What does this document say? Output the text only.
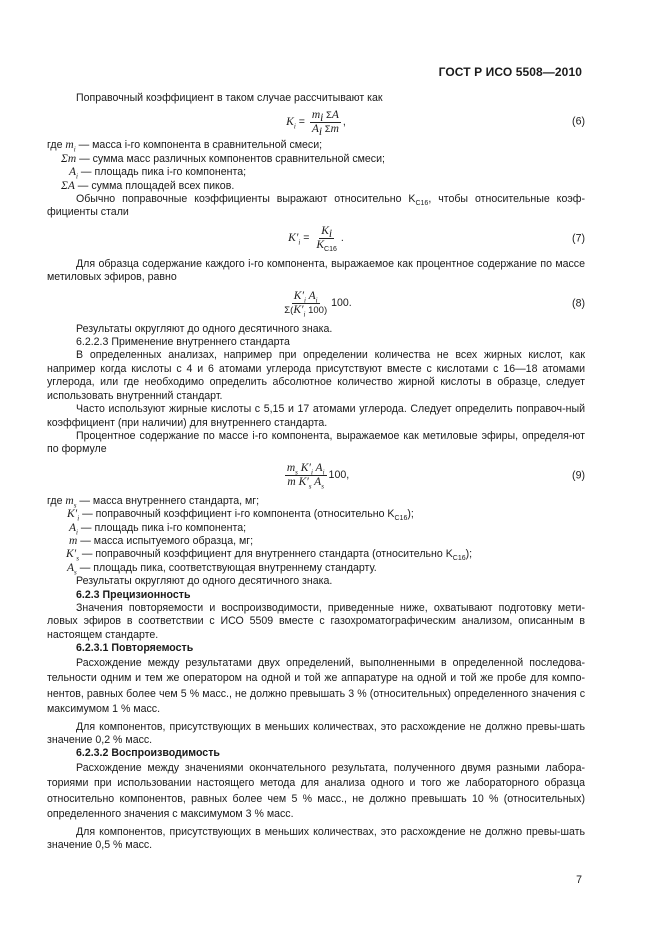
ГОСТ Р ИСО 5508—2010

Поправочный коэффициент в таком случае рассчитывают как

$K_i = \frac{m_i \Sigma A}{A_i \Sigma m}$ ,	(6)
где $m_i$ — масса i-го компонента в сравнительной смеси;
Σm — сумма масс различных компонентов сравнительной смеси;
$A_i$ — площадь пика i-го компонента;
ΣA — сумма площадей всех пиков.

Обычно поправочные коэффициенты выражают относительно $K_{C16}$, чтобы относительные коэф-фициенты стали

$K'_i = \frac{K_i}{K_{C16}}$ .	(7)

Для образца содержание каждого i-го компонента, выражаемое как процентное содержание по массе метиловых эфиров, равно

$\frac{K'_i A_i}{\Sigma(K'_i 100)} 100$.	(8)

Результаты округляют до одного десятичного знака.

6.2.2.3 Применение внутреннего стандарта

В определенных анализах, например при определении количества не всех жирных кислот, как например когда кислоты с 4 и 6 атомами углерода присутствуют вместе с кислотами с 16—18 атомами углерода, или где необходимо определить абсолютное количество жирной кислоты в образце, следует использовать внутренний стандарт.

Часто используют жирные кислоты с 5,15 и 17 атомами углерода. Следует определить поправоч-ный коэффициент (при наличии) для внутреннего стандарта.

Процентное содержание по массе i-го компонента, выражаемое как метиловые эфиры, определя-ют по формуле

$\frac{m_s K'_i A_i}{m K'_s A_s} 100$,	(9)
где $m_s$ — масса внутреннего стандарта, мг;
$K'_i$ — поправочный коэффициент i-го компонента (относительно $K_{C16}$);
$A_i$ — площадь пика i-го компонента;
m — масса испытуемого образца, мг;
$K'_s$ — поправочный коэффициент для внутреннего стандарта (относительно $K_{C16}$);
$A_s$ — площадь пика, соответствующая внутреннему стандарту.

Результаты округляют до одного десятичного знака.

6.2.3 Прецизионность

Значения повторяемости и воспроизводимости, приведенные ниже, охватывают подготовку мети-ловых эфиров в соответствии с ИСО 5509 вместе с газохроматографическим анализом, описанным в настоящем стандарте.

6.2.3.1 Повторяемость

Расхождение между результатами двух определений, выполненными в определенной последова-тельности одним и тем же оператором на одной и той же аппаратуре на одной и той же пробе для компо-нентов, равных более чем 5 % масс., не должно превышать 3 % (относительных) определенного значения с максимумом 1 % масс.

Для компонентов, присутствующих в меньших количествах, это расхождение не должно превы-шать значение 0,2 % масс.

6.2.3.2 Воспроизводимость

Расхождение между значениями окончательного результата, полученного двумя разными лабора-ториями при использовании настоящего метода для анализа одного и того же лабораторного образца относительно компонентов, равных более чем 5 % масс., не должно превышать 10 % (относительных) определенного значения с максимумом 3 % масс.

Для компонентов, присутствующих в меньших количествах, это расхождение не должно превы-шать значение 0,5 % масс.

7
